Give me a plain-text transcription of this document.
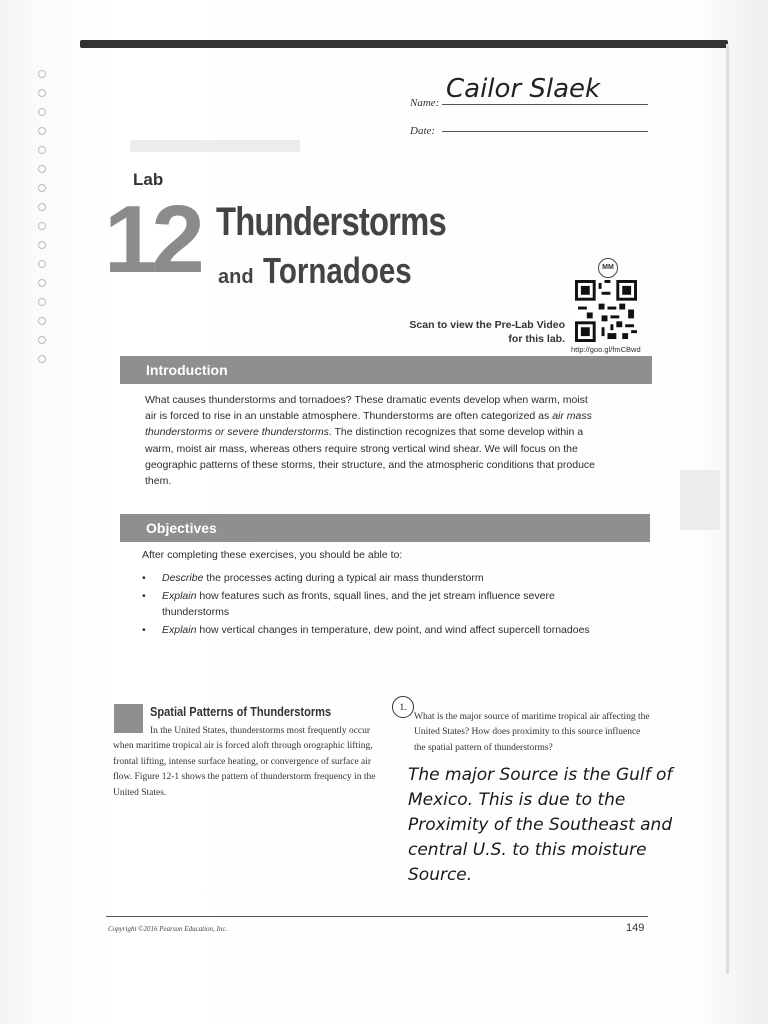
Name: Cailor Slaek
Date:
Lab
12 Thunderstorms
and Tornadoes	MM
http://goo.gl/fmCBwd
Scan to view the Pre-Lab Video for this lab.
Introduction
What causes thunderstorms and tornadoes? These dramatic events develop when warm, moist air is forced to rise in an unstable atmosphere. Thunderstorms are often categorized as air mass thunderstorms or severe thunderstorms. The distinction recognizes that some develop within a warm, moist air mass, whereas others require strong vertical wind shear. We will focus on the geographic patterns of these storms, their structure, and the atmospheric conditions that produce them.
Objectives
After completing these exercises, you should be able to:
• Describe the processes acting during a typical air mass thunderstorm
• Explain how features such as fronts, squall lines, and the jet stream influence severe thunderstorms
• Explain how vertical changes in temperature, dew point, and wind affect supercell tornadoes
Spatial Patterns of Thunderstorms
In the United States, thunderstorms most frequently occur when maritime tropical air is forced aloft through orographic lifting, frontal lifting, intense surface heating, or convergence of surface air flow. Figure 12-1 shows the pattern of thunderstorm frequency in the United States.
1.
What is the major source of maritime tropical air affecting the United States? How does proximity to this source influence the spatial pattern of thunderstorms?
The major Source is the Gulf of Mexico. This is due to the Proximity of the Southeast and central U.S. to this moisture Source.
Copyright ©2016 Pearson Education, Inc.	149
